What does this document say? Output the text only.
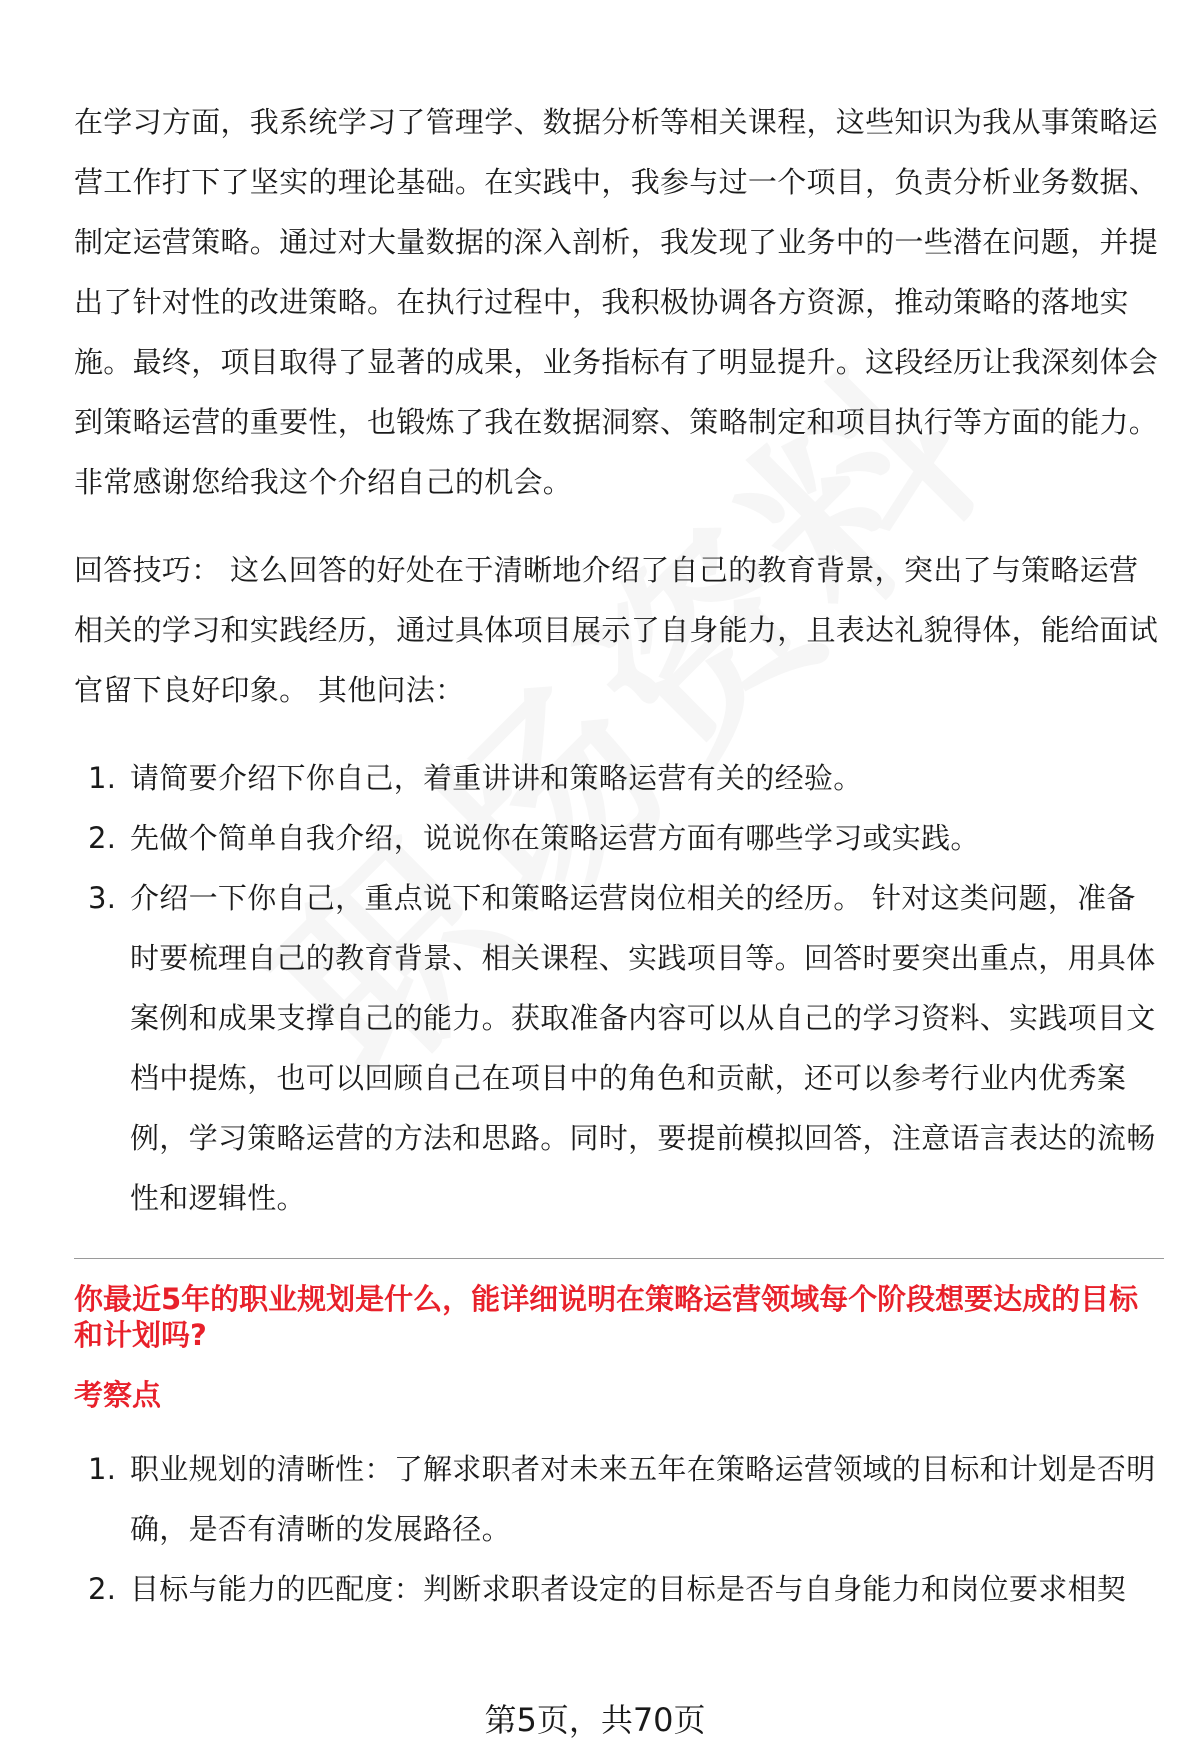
在学习方面，我系统学习了管理学、数据分析等相关课程，这些知识为我从事策略运营工作打下了坚实的理论基础。在实践中，我参与过一个项目，负责分析业务数据、制定运营策略。通过对大量数据的深入剖析，我发现了业务中的一些潜在问题，并提出了针对性的改进策略。在执行过程中，我积极协调各方资源，推动策略的落地实施。最终，项目取得了显著的成果，业务指标有了明显提升。这段经历让我深刻体会到策略运营的重要性，也锻炼了我在数据洞察、策略制定和项目执行等方面的能力。非常感谢您给我这个介绍自己的机会。

回答技巧： 这么回答的好处在于清晰地介绍了自己的教育背景，突出了与策略运营相关的学习和实践经历，通过具体项目展示了自身能力，且表达礼貌得体，能给面试官留下良好印象。 其他问法：

1. 请简要介绍下你自己，着重讲讲和策略运营有关的经验。
2. 先做个简单自我介绍，说说你在策略运营方面有哪些学习或实践。
3. 介绍一下你自己，重点说下和策略运营岗位相关的经历。 针对这类问题，准备时要梳理自己的教育背景、相关课程、实践项目等。回答时要突出重点，用具体案例和成果支撑自己的能力。获取准备内容可以从自己的学习资料、实践项目文档中提炼，也可以回顾自己在项目中的角色和贡献，还可以参考行业内优秀案例，学习策略运营的方法和思路。同时，要提前模拟回答，注意语言表达的流畅性和逻辑性。
你最近5年的职业规划是什么，能详细说明在策略运营领域每个阶段想要达成的目标和计划吗?
考察点
1. 职业规划的清晰性：了解求职者对未来五年在策略运营领域的目标和计划是否明确，是否有清晰的发展路径。
2. 目标与能力的匹配度：判断求职者设定的目标是否与自身能力和岗位要求相契
第5页，共70页
